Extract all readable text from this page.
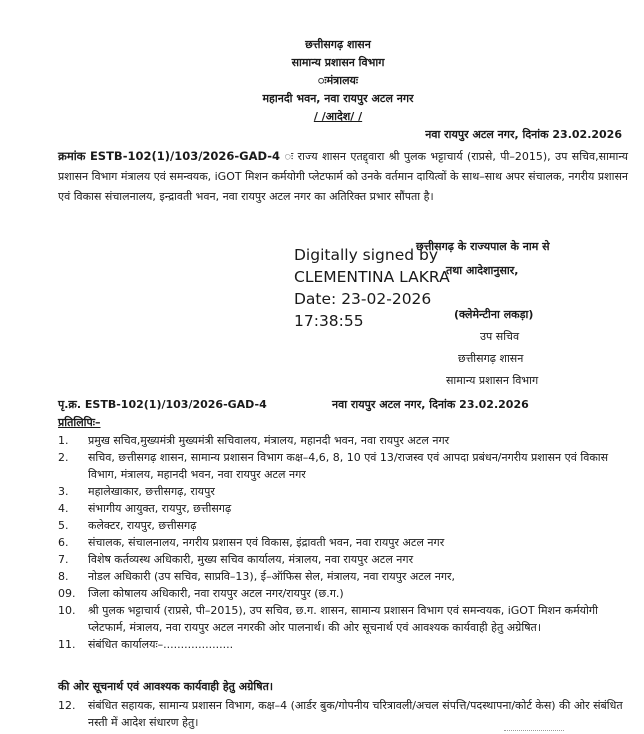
छत्तीसगढ़ शासन
सामान्य प्रशासन विभाग
ःमंत्रालयः
महानदी भवन, नवा रायपुर अटल नगर
/ /आदेश/ /
नवा रायपुर अटल नगर, दिनांक 23.02.2026
क्रमांक ESTB-102(1)/103/2026-GAD-4 ः राज्य शासन एतद्द्वारा श्री पुलक भट्टाचार्य (राप्रसे, पी–2015), उप सचिव,सामान्य प्रशासन विभाग मंत्रालय एवं समन्वयक, iGOT मिशन कर्मयोगी प्लेटफार्म को उनके वर्तमान दायित्वों के साथ–साथ अपर संचालक, नगरीय प्रशासन एवं विकास संचालनालय, इन्द्रावती भवन, नवा रायपुर अटल नगर का अतिरिक्त प्रभार सौंपता है।
Digitally signed by
CLEMENTINA LAKRA
Date: 23-02-2026
17:38:55
छत्तीसगढ़ के राज्यपाल के नाम से
तथा आदेशानुसार,
(क्लेमेन्टीना लकड़ा)
उप सचिव
छत्तीसगढ़ शासन
सामान्य प्रशासन विभाग
पृ.क्र. ESTB-102(1)/103/2026-GAD-4	नवा रायपुर अटल नगर, दिनांक 23.02.2026
प्रतिलिपिः–
1.	प्रमुख सचिव,मुख्यमंत्री मुख्यमंत्री सचिवालय, मंत्रालय, महानदी भवन, नवा रायपुर अटल नगर
2.	सचिव, छत्तीसगढ़ शासन, सामान्य प्रशासन विभाग कक्ष–4,6, 8, 10 एवं 13/राजस्व एवं आपदा प्रबंधन/नगरीय प्रशासन एवं विकास विभाग, मंत्रालय, महानदी भवन, नवा रायपुर अटल नगर
3.	महालेखाकार, छत्तीसगढ़, रायपुर
4.	संभागीय आयुक्त, रायपुर, छत्तीसगढ़
5.	कलेक्टर, रायपुर, छत्तीसगढ़
6.	संचालक, संचालनालय, नगरीय प्रशासन एवं विकास, इंद्रावती भवन, नवा रायपुर अटल नगर
7.	विशेष कर्तव्यस्थ अधिकारी, मुख्य सचिव कार्यालय, मंत्रालय, नवा रायपुर अटल नगर
8.	नोडल अधिकारी (उप सचिव, साप्रवि–13), ई–ऑफिस सेल, मंत्रालय, नवा रायपुर अटल नगर,
09.	जिला कोषालय अधिकारी, नवा रायपुर अटल नगर/रायपुर (छ.ग.)
10.	श्री पुलक भट्टाचार्य (राप्रसे, पी–2015), उप सचिव, छ.ग. शासन, सामान्य प्रशासन विभाग एवं समन्वयक, iGOT मिशन कर्मयोगी प्लेटफार्म, मंत्रालय, नवा रायपुर अटल नगरकी ओर पालनार्थ। की ओर सूचनार्थ एवं आवश्यक कार्यवाही हेतु अग्रेषित।
11.	संबंधित कार्यालयः–....................
की ओर सूचनार्थ एवं आवश्यक कार्यवाही हेतु अग्रेषित।
12.	संबंधित सहायक, सामान्य प्रशासन विभाग, कक्ष–4 (आर्डर बुक/गोपनीय चरित्रावली/अचल संपत्ति/पदस्थापना/कोर्ट केस) की ओर संबंधित नस्ती में आदेश संधारण हेतु।
